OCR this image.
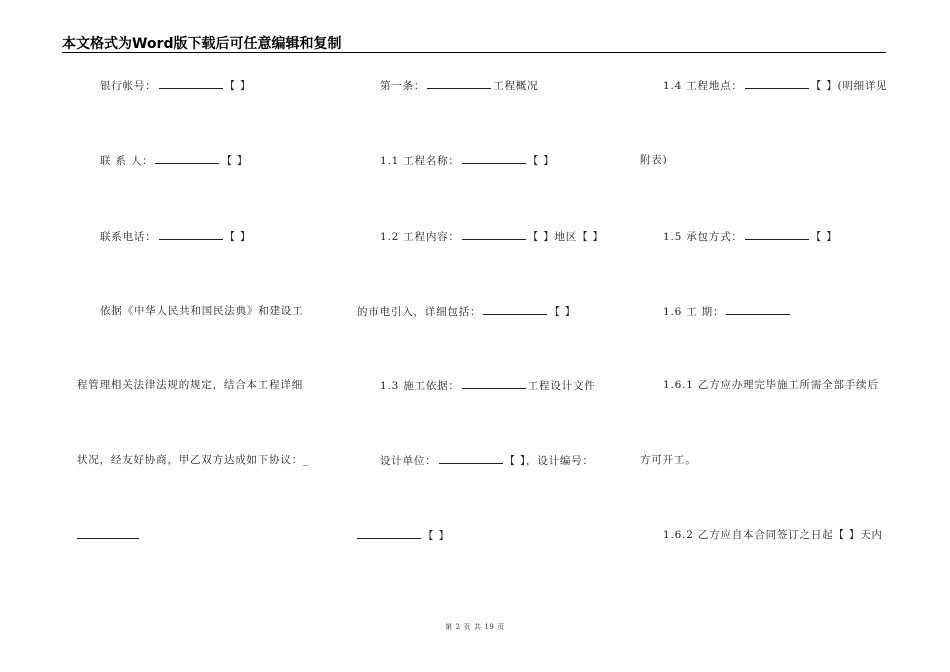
本文格式为Word版下载后可任意编辑和复制
银行帐号：	【 】
联 系 人：	【 】
联系电话：	【 】
依据《中华人民共和国民法典》和建设工
程管理相关法律法规的规定，结合本工程详细
状况，经友好协商，甲乙双方达成如下协议：_
第一条：	工程概况
1.1 工程名称：	【 】
1.2 工程内容：	【 】地区【 】
的市电引入，详细包括：	【 】
1.3 施工依据：	工程设计文件
设计单位：	【 】，设计编号：
【 】
1.4 工程地点：	【 】(明细详见
附表)
1.5 承包方式：	【 】
1.6 工 期：
1.6.1 乙方应办理完毕施工所需全部手续后
方可开工。
1.6.2 乙方应自本合同签订之日起【 】天内
第 2 页 共 19 页
